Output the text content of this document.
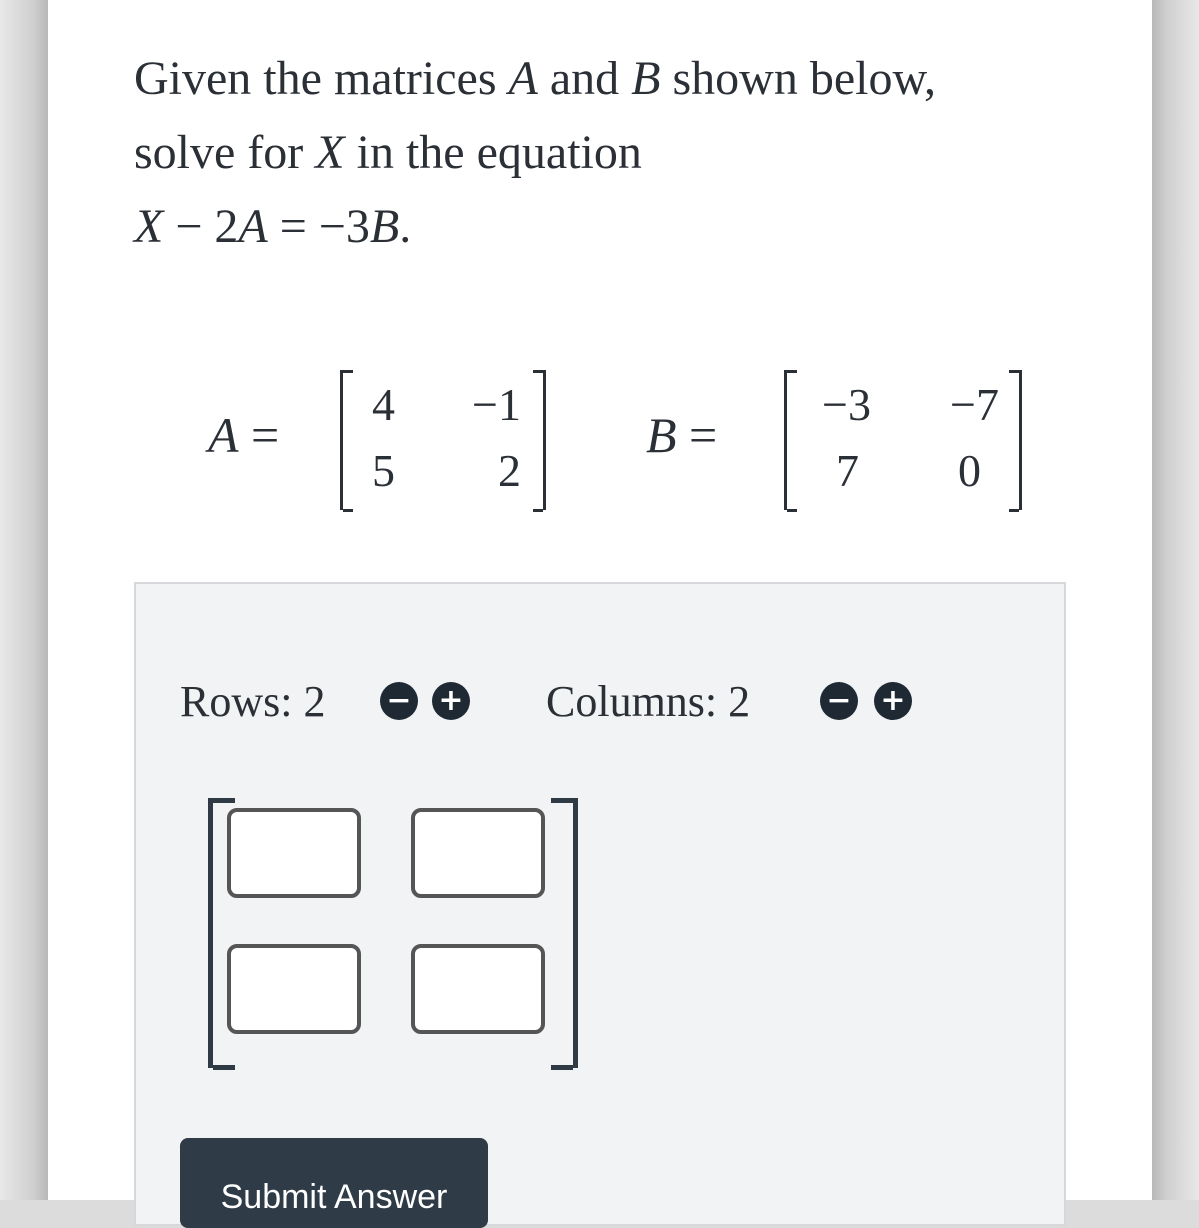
Given the matrices A and B shown below,
solve for X in the equation
X − 2A = −3B.
A =
4	−1
5	2
B =
−3	−7
7	0
Rows: 2 − + Columns: 2	− +
Submit Answer
